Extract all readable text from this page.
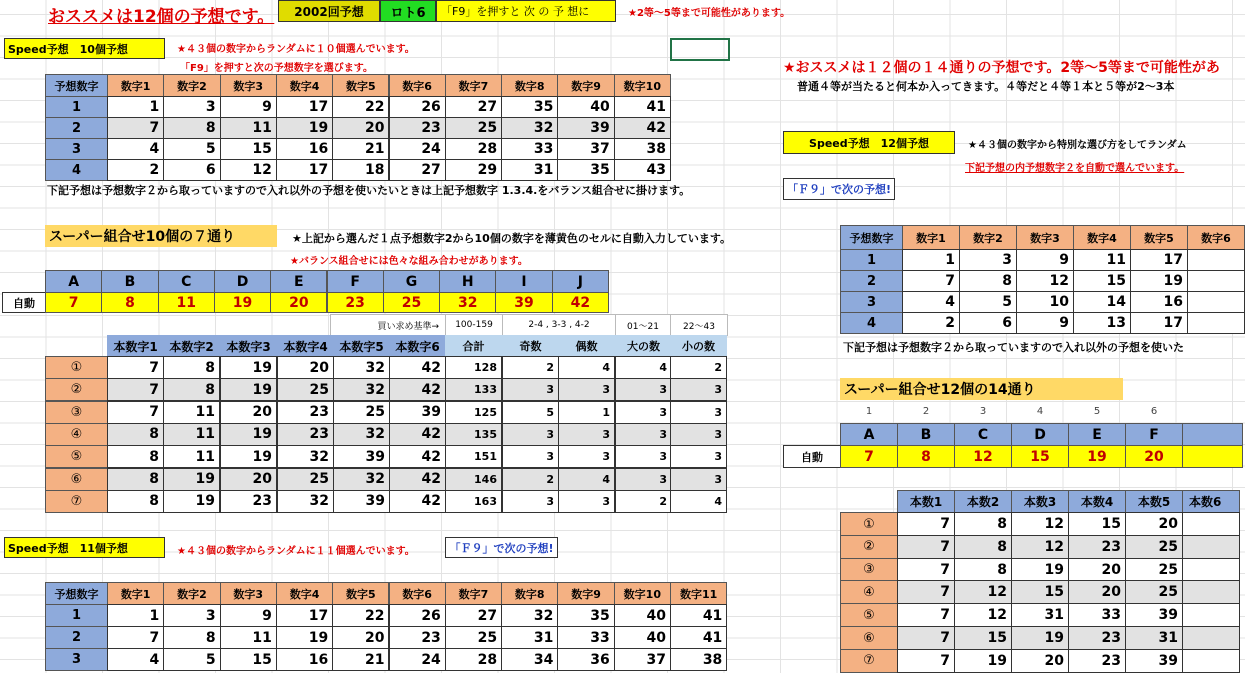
おススメは12個の予想です。	2002回予想	ロト6	「F9」を押すと 次 の 予 想に	★2等～5等まで可能性があります。
Speed予想　10個予想	★４３個の数字からランダムに１０個選んでいます。
「F9」を押すと次の予想数字を選びます。
予想数字	数字1	数字2	数字3	数字4	数字5	数字6	数字7	数字8	数字9	数字10
1	1	3	9	17	22	26	27	35	40	41
2	7	8	11	19	20	23	25	32	39	42
3	4	5	15	16	21	24	28	33	37	38
4	2	6	12	17	18	27	29	31	35	43
下記予想は予想数字２から取っていますので入れ以外の予想を使いたいときは上記予想数字 1.3.4.をバランス組合せに掛けます。
スーパー組合せ10個の７通り	★上記から選んだ１点予想数字2から10個の数字を薄黄色のセルに自動入力しています。
★バランス組合せには色々な組み合わせがあります。
A	B	C	D	E	F	G	H	I	J
自動	7	8	11	19	20	23	25	32	39	42
買い求め基準→	100-159	2-4 , 3-3 , 4-2	01～21	22～43
本数字1 本数字2	本数字3	本数字4 本数字5 本数字6	合計	奇数	偶数	大の数	小の数
①	7	8	19	20	32	42	128	2	4	4	2
②	7	8	19	25	32	42	133	3	3	3	3
③	7	11	20	23	25	39	125	5	1	3	3
④	8	11	19	23	32	42	135	3	3	3	3
⑤	8	11	19	32	39	42	151	3	3	3	3
⑥	8	19	20	25	32	42	146	2	4	3	3
⑦	8	19	23	32	39	42	163	3	3	2	4
Speed予想　11個予想	★４３個の数字からランダムに１１個選んでいます。	「Ｆ９」で次の予想!
予想数字	数字1	数字2	数字3	数字4	数字5	数字6	数字7	数字8	数字9	数字10	数字11
1	1	3	9	17	22	26	27	32	35	40	41
2	7	8	11	19	20	23	25	31	33	40	41
3	4	5	15	16	21	24	28	34	36	37	38
★おススメは１２個の１４通りの予想です。2等～5等まで可能性があ
普通４等が当たると何本か入ってきます。４等だと４等１本と５等が2～3本
Speed予想　12個予想	★４３個の数字から特別な選び方をしてランダム
下記予想の内予想数字２を自動で選んでいます。
「Ｆ９」で次の予想!
予想数字	数字1	数字2	数字3	数字4	数字5	数字6
1	1	3	9	11	17
2	7	8	12	15	19
3	4	5	10	14	16
4	2	6	9	13	17
下記予想は予想数字２から取っていますので入れ以外の予想を使いた
スーパー組合せ12個の14通り
1	2	3	4	5	6
A	B	C	D	E	F
自動	7	8	12	15	19	20
本数1	本数2	本数3	本数4	本数5	本数6
①	7	8	12	15	20
②	7	8	12	23	25
③	7	8	19	20	25
④	7	12	15	20	25
⑤	7	12	31	33	39
⑥	7	15	19	23	31
⑦	7	19	20	23	39
